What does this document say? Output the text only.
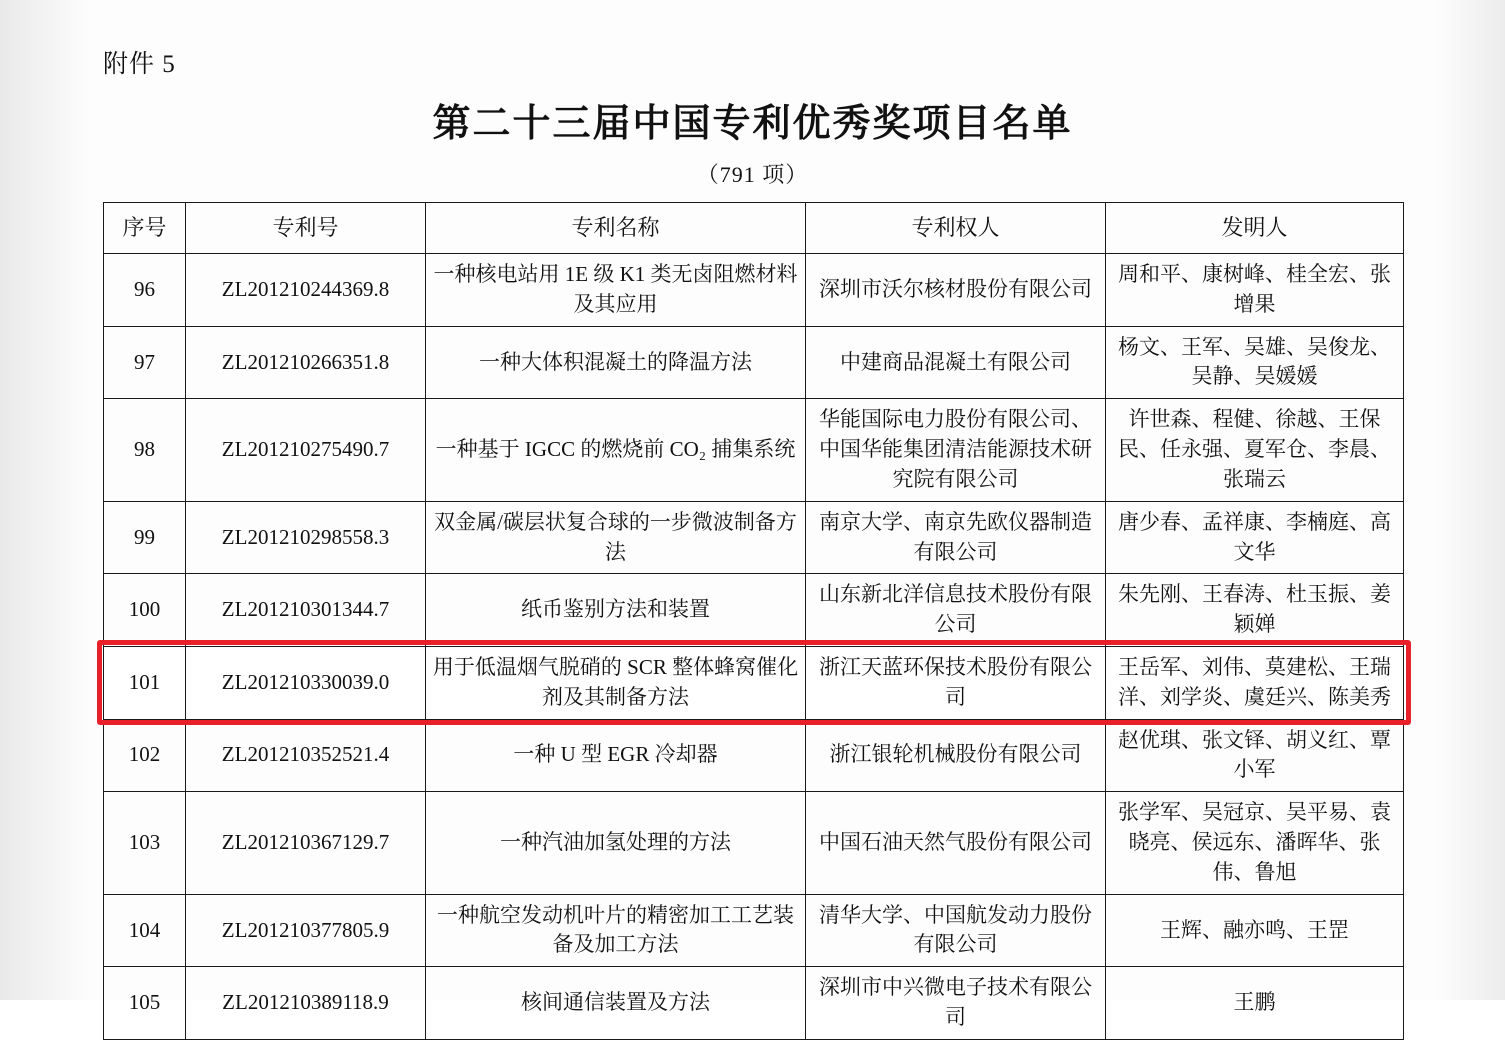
附件 5
第二十三届中国专利优秀奖项目名单
（791 项）
序号	专利号	专利名称	专利权人	发明人
96	ZL201210244369.8	一种核电站用 1E 级 K1 类无卤阻燃材料及其应用	深圳市沃尔核材股份有限公司	周和平、康树峰、桂全宏、张增果
97	ZL201210266351.8	一种大体积混凝土的降温方法	中建商品混凝土有限公司	杨文、王军、吴雄、吴俊龙、吴静、吴媛媛
98	ZL201210275490.7	一种基于 IGCC 的燃烧前 CO₂ 捕集系统	华能国际电力股份有限公司、中国华能集团清洁能源技术研究院有限公司	许世森、程健、徐越、王保民、任永强、夏军仓、李晨、张瑞云
99	ZL201210298558.3	双金属/碳层状复合球的一步微波制备方法	南京大学、南京先欧仪器制造有限公司	唐少春、孟祥康、李楠庭、高文华
100	ZL201210301344.7	纸币鉴别方法和装置	山东新北洋信息技术股份有限公司	朱先刚、王春涛、杜玉振、姜颖婵
101	ZL201210330039.0	用于低温烟气脱硝的 SCR 整体蜂窝催化剂及其制备方法	浙江天蓝环保技术股份有限公司	王岳军、刘伟、莫建松、王瑞洋、刘学炎、虞廷兴、陈美秀
102	ZL201210352521.4	一种 U 型 EGR 冷却器	浙江银轮机械股份有限公司	赵优琪、张文铎、胡义红、覃小军
103	ZL201210367129.7	一种汽油加氢处理的方法	中国石油天然气股份有限公司	张学军、吴冠京、吴平易、袁晓亮、侯远东、潘晖华、张伟、鲁旭
104	ZL201210377805.9	一种航空发动机叶片的精密加工工艺装备及加工方法	清华大学、中国航发动力股份有限公司	王辉、融亦鸣、王罡
105	ZL201210389118.9	核间通信装置及方法	深圳市中兴微电子技术有限公司	王鹏
